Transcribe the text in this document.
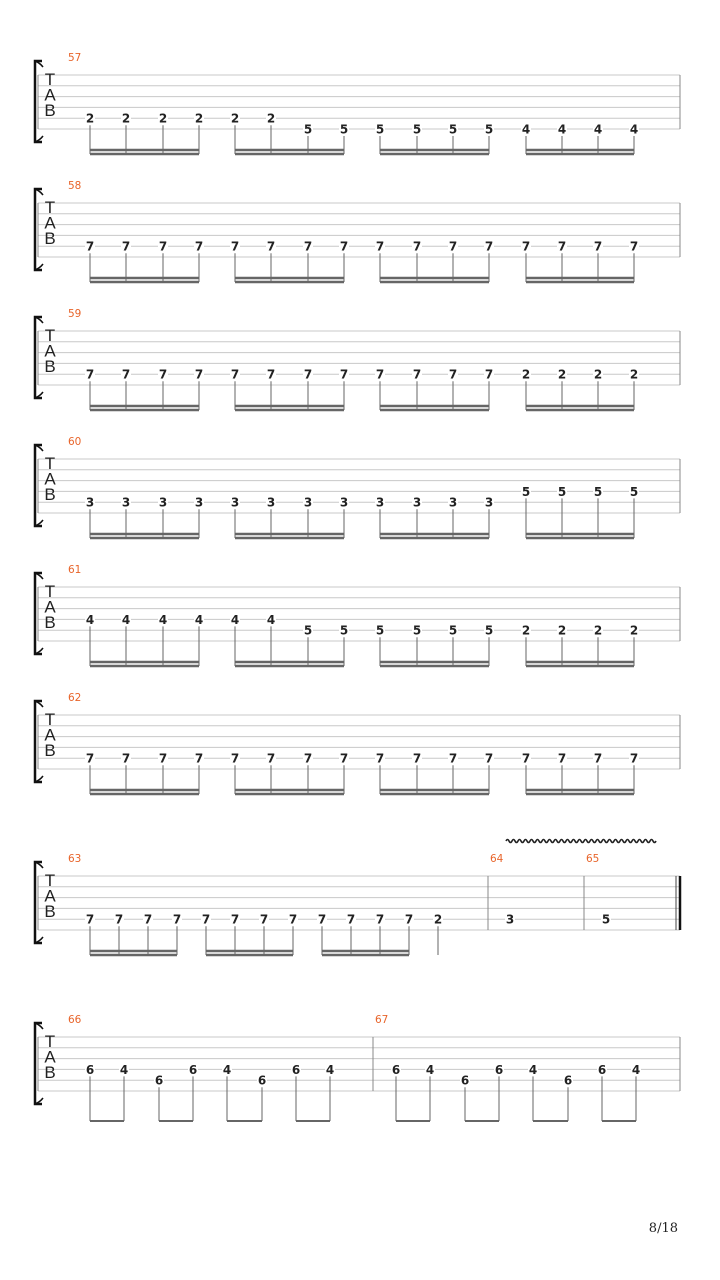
T
A
B
57
2 2 2 2 2 2
5 5 5 5 5 5 4 4 4 4
T
A
B
58
7 7 7 7 7 7 7 7 7 7 7 7 7 7 7 7
T
A
B
59
7 7 7 7 7 7 7 7 7 7 7 7 2 2 2 2
T
A
B
60
3 3 3 3 3 3 3 3 3 3 3 3
5 5 5 5
T
A
B
61
4 4 4 4 4 4
5 5 5 5 5 5 2 2 2 2
T
A
B
62
7 7 7 7 7 7 7 7 7 7 7 7 7 7 7 7
T
A
B
63
7 7 7 7 7 7 7 7 7 7 7 7 2
64
3
65
5
T
A
B
66
6 4
6
6 4
6
6 4
67
6 4
6
6 4
6
6 4
8/18
